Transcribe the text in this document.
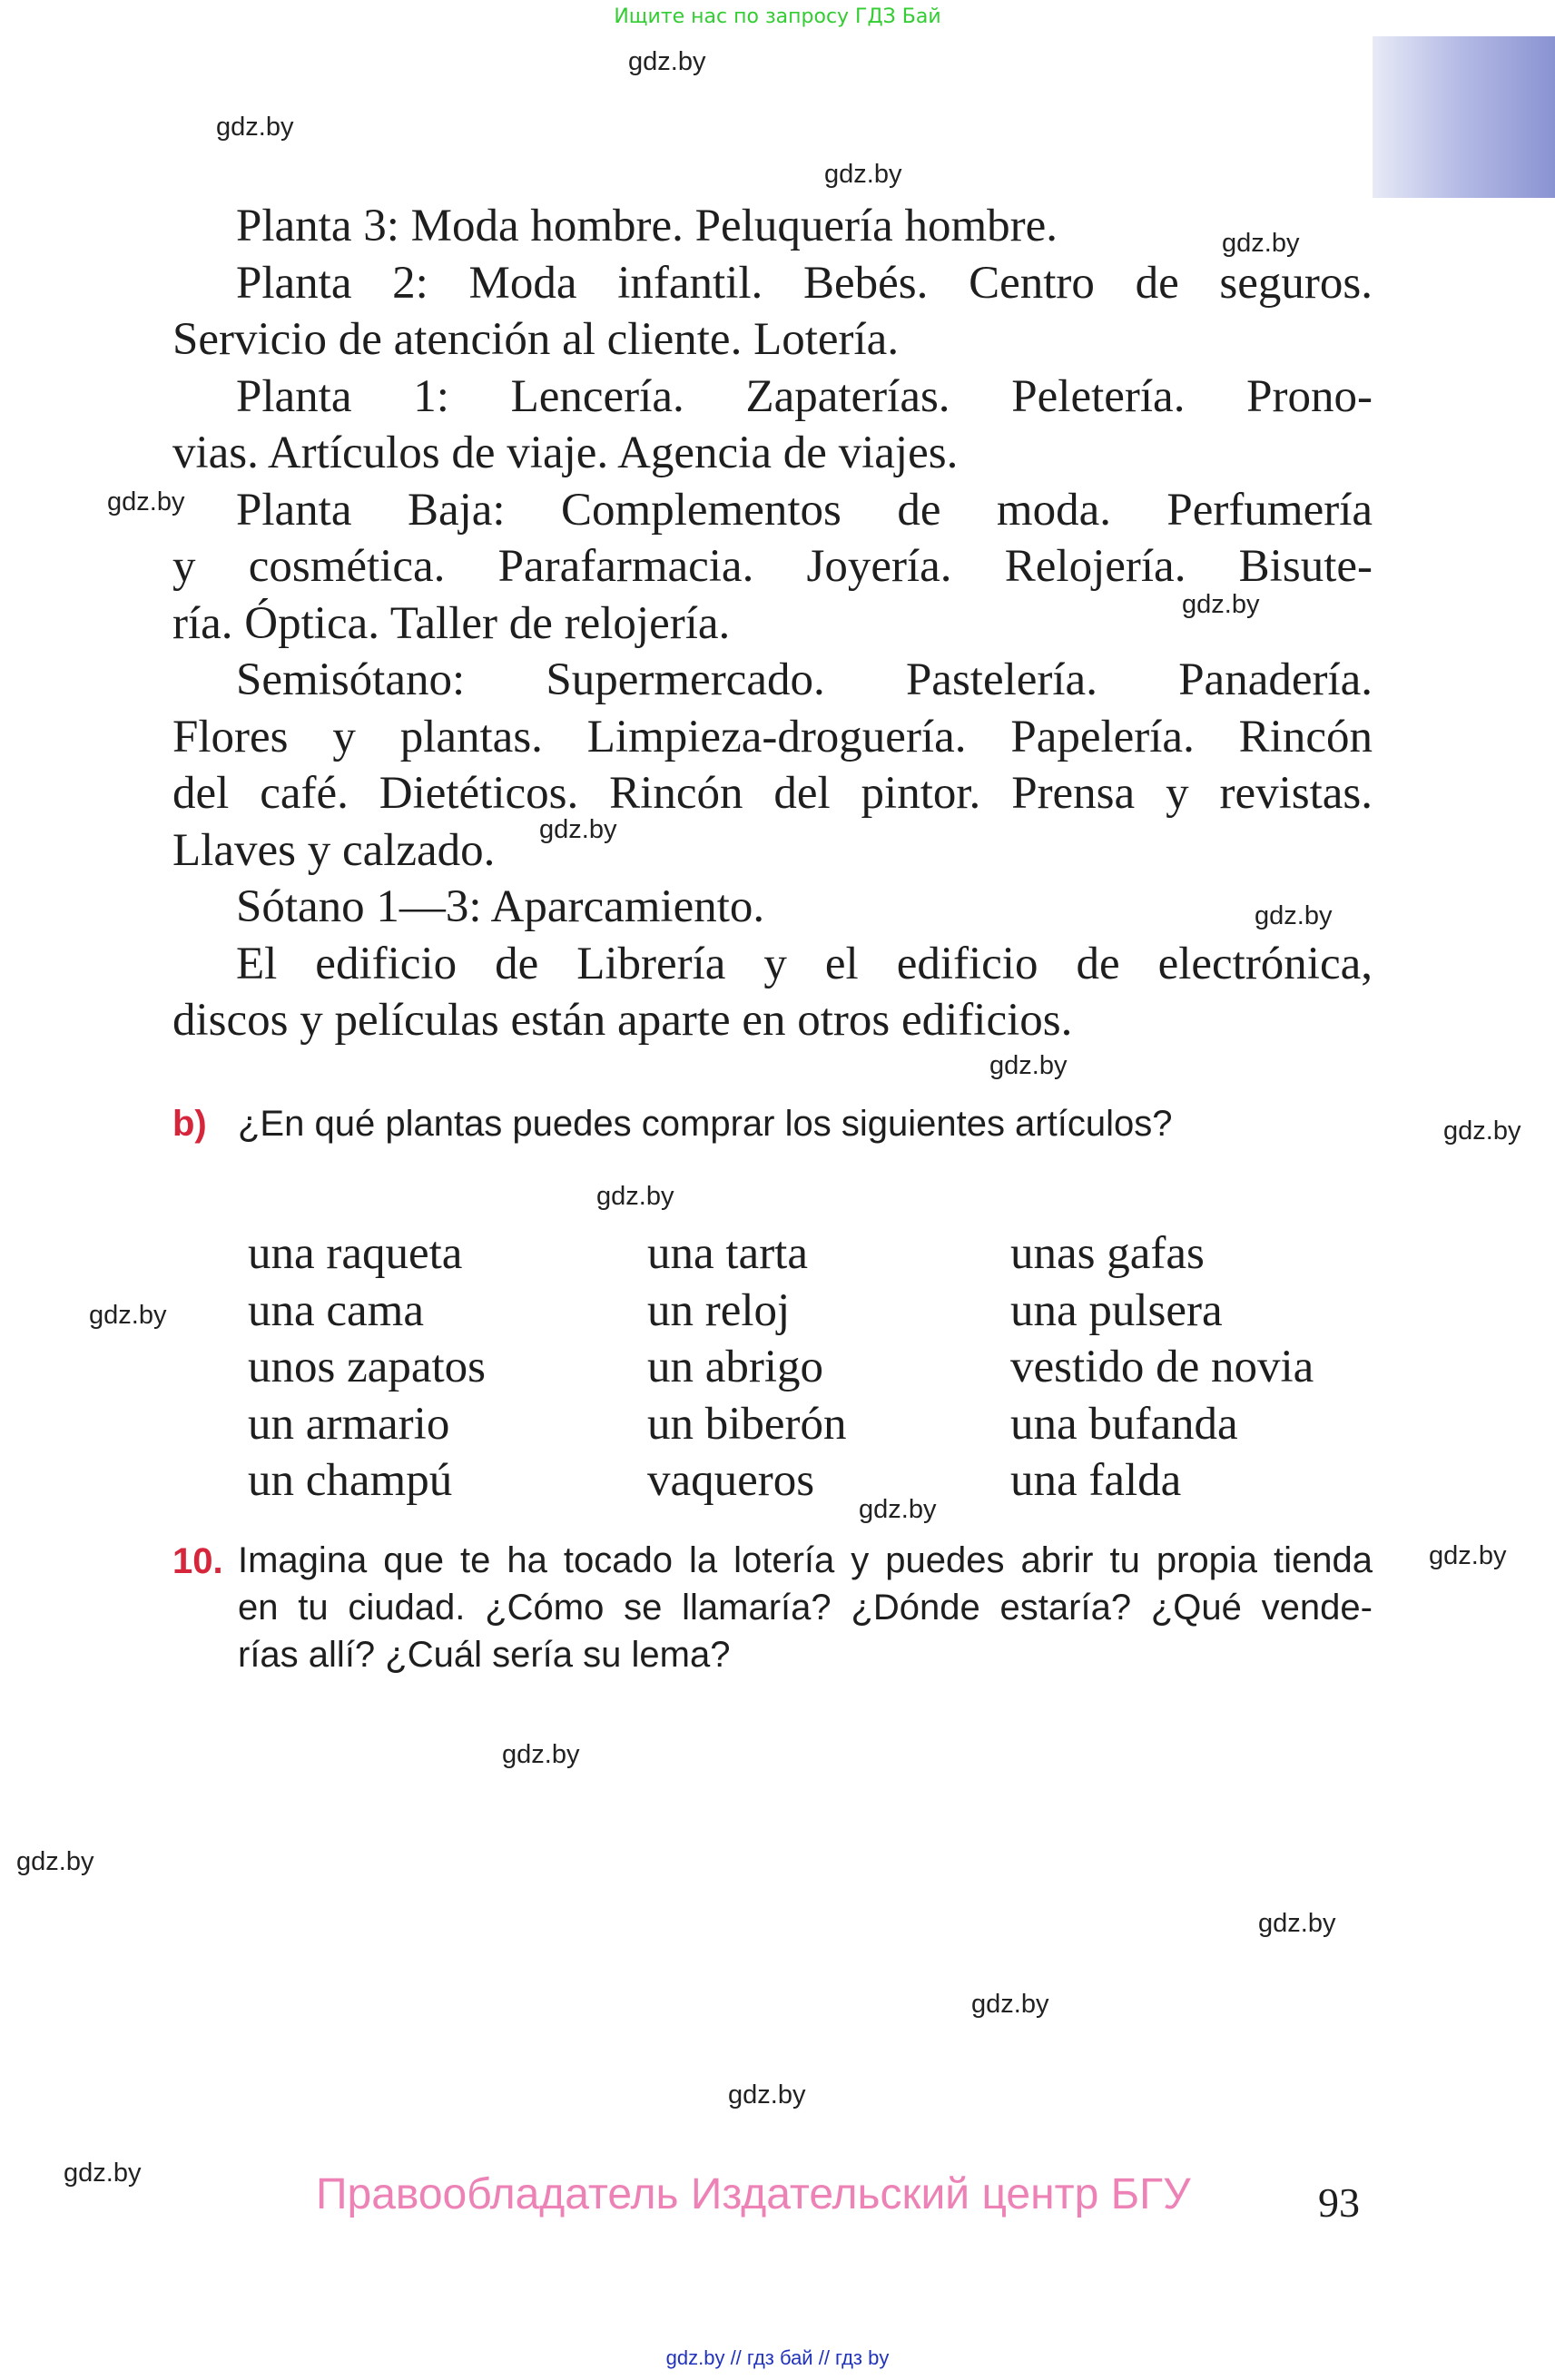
Ищите нас по запросу ГДЗ Бай
gdz.by
gdz.by
gdz.by
gdz.by
gdz.by
gdz.by
gdz.by
gdz.by
gdz.by
gdz.by
gdz.by
gdz.by
gdz.by
gdz.by
gdz.by
gdz.by
gdz.by
gdz.by
gdz.by
gdz.by
Planta 3: Moda hombre. Peluquería hombre.
Planta 2: Moda infantil. Bebés. Centro de seguros.
Servicio de atención al cliente. Lotería.
Planta 1: Lencería. Zapaterías. Peletería. Prono-
vias. Artículos de viaje. Agencia de viajes.
Planta Baja: Complementos de moda. Perfumería
y cosmética. Parafarmacia. Joyería. Relojería. Bisute-
ría. Óptica. Taller de relojería.
Semisótano: Supermercado. Pastelería. Panadería.
Flores y plantas. Limpieza-droguería. Papelería. Rincón
del café. Dietéticos. Rincón del pintor. Prensa y revistas.
Llaves y calzado.
Sótano 1—3: Aparcamiento.
El edificio de Librería y el edificio de electrónica,
discos y películas están aparte en otros edificios.
b) ¿En qué plantas puedes comprar los siguientes artículos?
una raqueta
una cama
unos zapatos
un armario
un champú
una tarta
un reloj
un abrigo
un biberón
vaqueros
unas gafas
una pulsera
vestido de novia
una bufanda
una falda
10. Imagina que te ha tocado la lotería y puedes abrir tu propia tienda
en tu ciudad. ¿Cómo se llamaría? ¿Dónde estaría? ¿Qué vende-
rías allí? ¿Cuál sería su lema?
Правообладатель Издательский центр БГУ	93
gdz.by // гдз бай // гдз by
